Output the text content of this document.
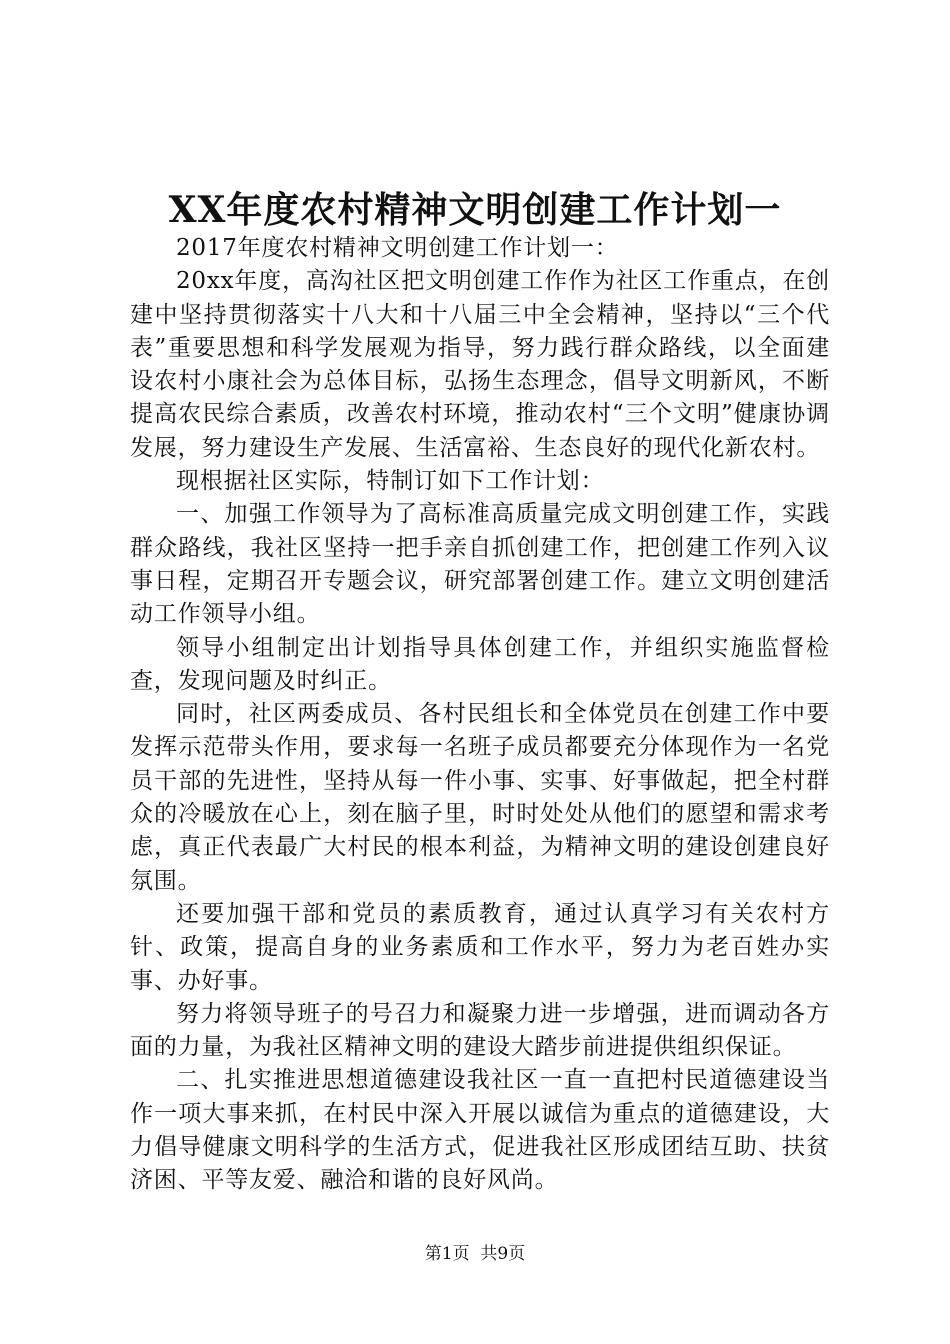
XX年度农村精神文明创建工作计划一

2017年度农村精神文明创建工作计划一：

20xx年度，高沟社区把文明创建工作作为社区工作重点，在创建中坚持贯彻落实十八大和十八届三中全会精神，坚持以“三个代表”重要思想和科学发展观为指导，努力践行群众路线，以全面建设农村小康社会为总体目标，弘扬生态理念，倡导文明新风，不断提高农民综合素质，改善农村环境，推动农村“三个文明”健康协调发展，努力建设生产发展、生活富裕、生态良好的现代化新农村。

现根据社区实际，特制订如下工作计划：

一、加强工作领导为了高标准高质量完成文明创建工作，实践群众路线，我社区坚持一把手亲自抓创建工作，把创建工作列入议事日程，定期召开专题会议，研究部署创建工作。建立文明创建活动工作领导小组。

领导小组制定出计划指导具体创建工作，并组织实施监督检查，发现问题及时纠正。

同时，社区两委成员、各村民组长和全体党员在创建工作中要发挥示范带头作用，要求每一名班子成员都要充分体现作为一名党员干部的先进性，坚持从每一件小事、实事、好事做起，把全村群众的冷暖放在心上，刻在脑子里，时时处处从他们的愿望和需求考虑，真正代表最广大村民的根本利益，为精神文明的建设创建良好氛围。

还要加强干部和党员的素质教育，通过认真学习有关农村方针、政策，提高自身的业务素质和工作水平，努力为老百姓办实事、办好事。

努力将领导班子的号召力和凝聚力进一步增强，进而调动各方面的力量，为我社区精神文明的建设大踏步前进提供组织保证。

二、扎实推进思想道德建设我社区一直一直把村民道德建设当作一项大事来抓，在村民中深入开展以诚信为重点的道德建设，大力倡导健康文明科学的生活方式，促进我社区形成团结互助、扶贫济困、平等友爱、融洽和谐的良好风尚。

第1页  共9页
